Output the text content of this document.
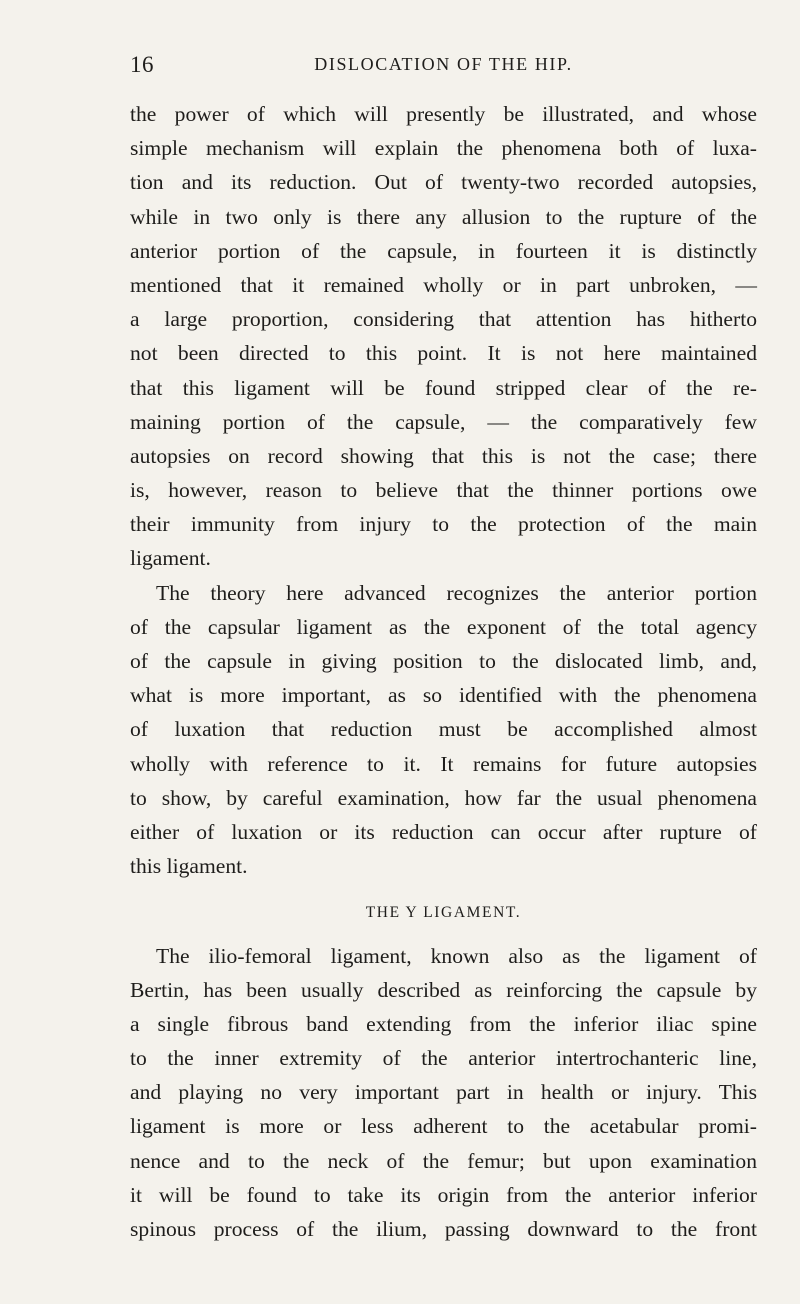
16	DISLOCATION OF THE HIP.
the power of which will presently be illustrated, and whose
simple mechanism will explain the phenomena both of luxa-
tion and its reduction. Out of twenty-two recorded autopsies,
while in two only is there any allusion to the rupture of the
anterior portion of the capsule, in fourteen it is distinctly
mentioned that it remained wholly or in part unbroken, —
a large proportion, considering that attention has hitherto
not been directed to this point. It is not here maintained
that this ligament will be found stripped clear of the re-
maining portion of the capsule, — the comparatively few
autopsies on record showing that this is not the case; there
is, however, reason to believe that the thinner portions owe
their immunity from injury to the protection of the main
ligament.
The theory here advanced recognizes the anterior portion
of the capsular ligament as the exponent of the total agency
of the capsule in giving position to the dislocated limb, and,
what is more important, as so identified with the phenomena
of luxation that reduction must be accomplished almost
wholly with reference to it. It remains for future autopsies
to show, by careful examination, how far the usual phenomena
either of luxation or its reduction can occur after rupture of
this ligament.
THE Y LIGAMENT.
The ilio-femoral ligament, known also as the ligament of
Bertin, has been usually described as reinforcing the capsule by
a single fibrous band extending from the inferior iliac spine
to the inner extremity of the anterior intertrochanteric line,
and playing no very important part in health or injury. This
ligament is more or less adherent to the acetabular promi-
nence and to the neck of the femur; but upon examination
it will be found to take its origin from the anterior inferior
spinous process of the ilium, passing downward to the front
